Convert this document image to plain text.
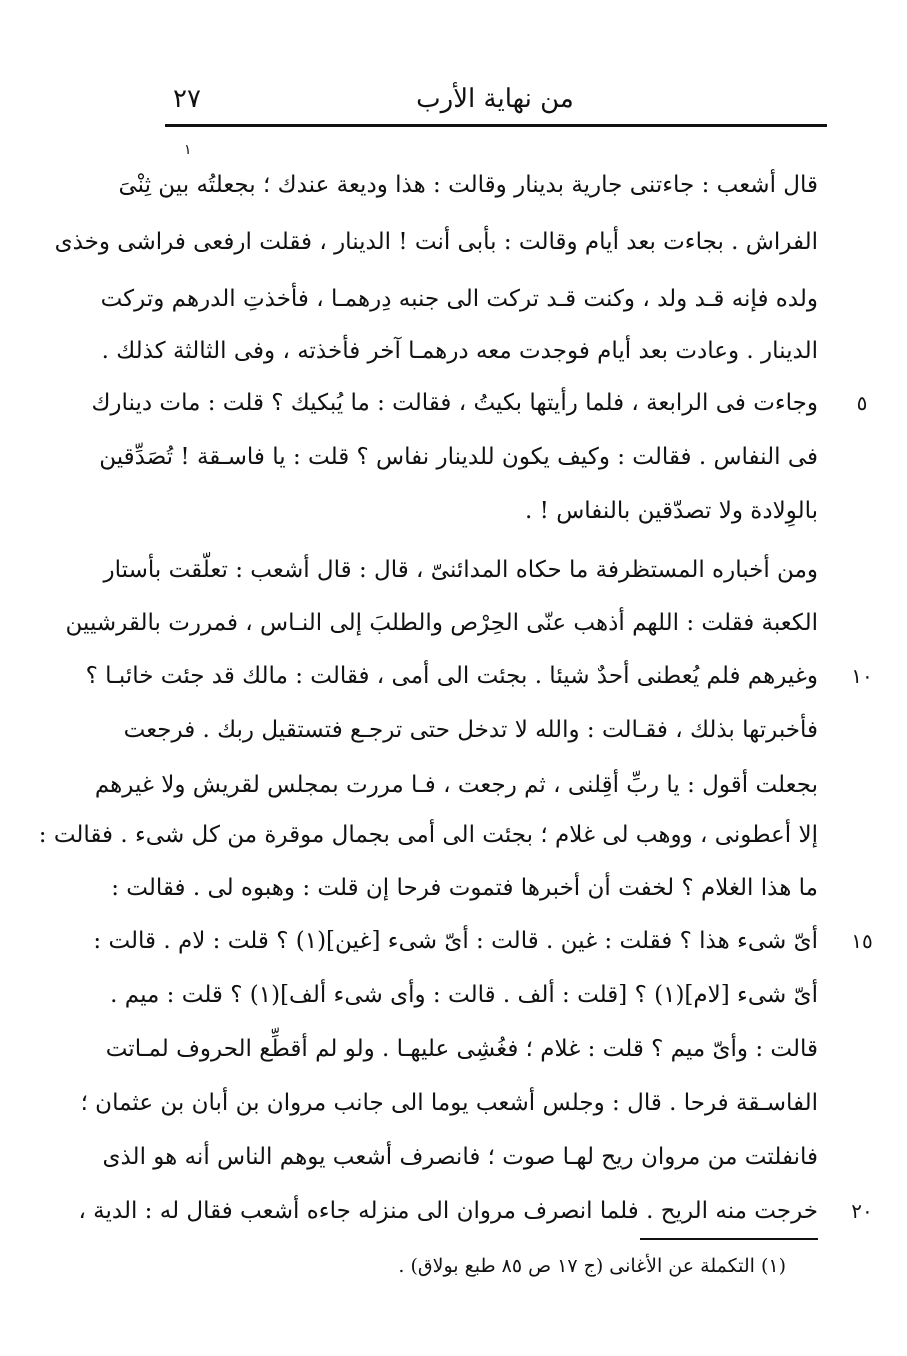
من نهاية الأرب
٢٧
١
قال أشعب : جاءتنى جارية بدينار وقالت : هذا وديعة عندك ؛ بجعلتُه بين ثِنْىَ
الفراش . بجاءت بعد أيام وقالت : بأبى أنت ! الدينار ، فقلت ارفعى فراشى وخذى
ولده فإنه قـد ولد ، وكنت قـد تركت الى جنبه دِرهمـا ، فأخذتِ الدرهم وتركت
الدينار . وعادت بعد أيام فوجدت معه درهمـا آخر فأخذته ، وفى الثالثة كذلك .
وجاءت فى الرابعة ، فلما رأيتها بكيتُ ، فقالت : ما يُبكيك ؟ قلت : مات دينارك
فى النفاس . فقالت : وكيف يكون للدينار نفاس ؟ قلت : يا فاسـقة ! تُصَدِّقين
بالوِلادة ولا تصدّقين بالنفاس ! .
ومن أخباره المستظرفة ما حكاه المدائنىّ ، قال : قال أشعب : تعلّقت بأستار
الكعبة فقلت : اللهم أذهب عنّى الحِرْص والطلبَ إلى النـاس ، فمررت بالقرشيين
وغيرهم فلم يُعطنى أحدٌ شيئا . بجئت الى أمى ، فقالت : مالك قد جئت خائبـا ؟
فأخبرتها بذلك ، فقـالت : والله لا تدخل حتى ترجـع فتستقيل ربك . فرجعت
بجعلت أقول : يا ربِّ أقِلنى ، ثم رجعت ، فـا مررت بمجلس لقريش ولا غيرهم
إلا أعطونى ، ووهب لى غلام ؛ بجئت الى أمى بجمال موقرة من كل شىء . فقالت :
ما هذا الغلام ؟ لخفت أن أخبرها فتموت فرحا إن قلت : وهبوه لى . فقالت :
أىّ شىء هذا ؟ فقلت : غين . قالت : أىّ شىء [غين](١) ؟ قلت : لام . قالت :
أىّ شىء [لام](١) ؟ [قلت : ألف . قالت : وأى شىء ألف](١) ؟ قلت : ميم .
قالت : وأىّ ميم ؟ قلت : غلام ؛ فغُشِى عليهـا . ولو لم أقطِّع الحروف لمـاتت
الفاسـقة فرحا . قال : وجلس أشعب يوما الى جانب مروان بن أبان بن عثمان ؛
فانفلتت من مروان ريح لهـا صوت ؛ فانصرف أشعب يوهم الناس أنه هو الذى
خرجت منه الريح . فلما انصرف مروان الى منزله جاءه أشعب فقال له : الدية ،
٥
١٠
١٥
٢٠
(١) التكملة عن الأغانى (ج ١٧ ص ٨٥ طبع بولاق) .
